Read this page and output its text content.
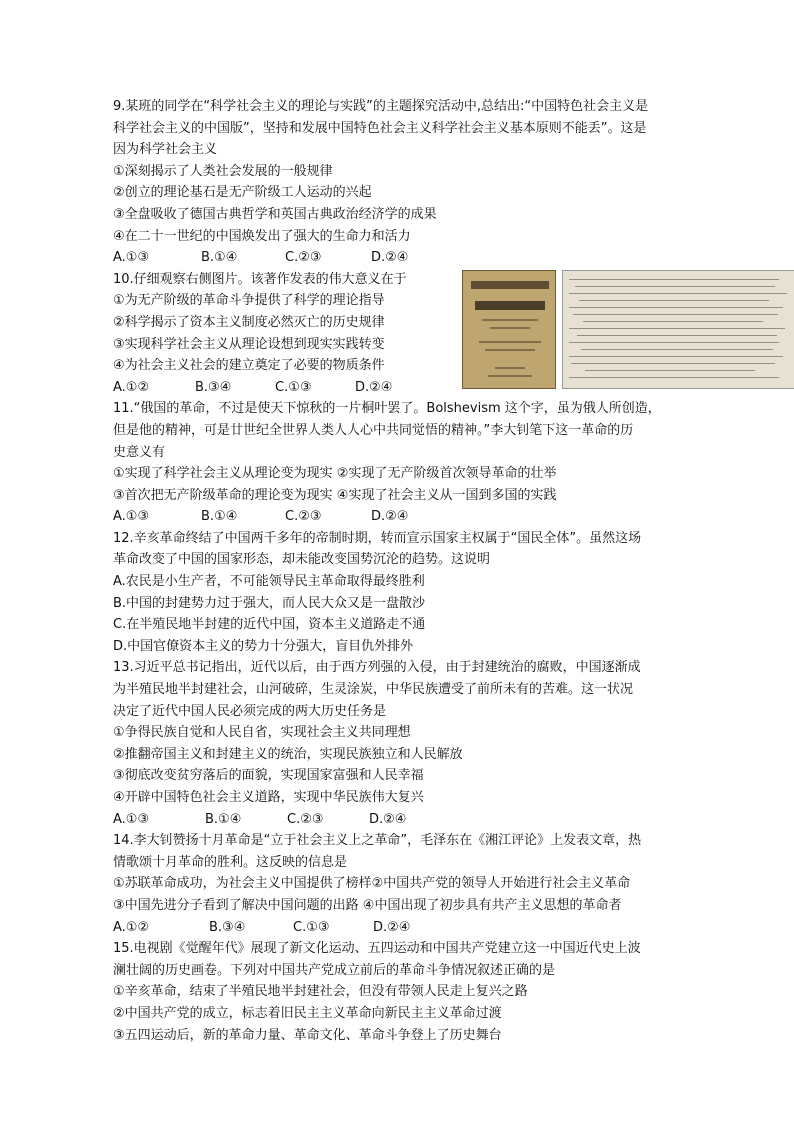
9.某班的同学在“科学社会主义的理论与实践”的主题探究活动中,总结出:“中国特色社会主义是
科学社会主义的中国版”，坚持和发展中国特色社会主义科学社会主义基本原则不能丢”。这是
因为科学社会主义
①深刻揭示了人类社会发展的一般规律
②创立的理论基石是无产阶级工人运动的兴起
③全盘吸收了德国古典哲学和英国古典政治经济学的成果
④在二十一世纪的中国焕发出了强大的生命力和活力
A.①③	B.①④	C.②③	D.②④
10.仔细观察右侧图片。该著作发表的伟大意义在于
①为无产阶级的革命斗争提供了科学的理论指导
②科学揭示了资本主义制度必然灭亡的历史规律
③实现科学社会主义从理论设想到现实实践转变
④为社会主义社会的建立奠定了必要的物质条件
A.①②	B.③④	C.①③	D.②④
11.“俄国的革命，不过是使天下惊秋的一片桐叶罢了。Bolshevism 这个字，虽为俄人所创造，
但是他的精神，可是廿世纪全世界人类人人心中共同觉悟的精神。”李大钊笔下这一革命的历
史意义有
①实现了科学社会主义从理论变为现实 ②实现了无产阶级首次领导革命的壮举
③首次把无产阶级革命的理论变为现实 ④实现了社会主义从一国到多国的实践
A.①③	B.①④	C.②③	D.②④
12.辛亥革命终结了中国两千多年的帝制时期，转而宣示国家主权属于“国民全体”。虽然这场
革命改变了中国的国家形态，却未能改变国势沉沦的趋势。这说明
A.农民是小生产者，不可能领导民主革命取得最终胜利
B.中国的封建势力过于强大，而人民大众又是一盘散沙
C.在半殖民地半封建的近代中国，资本主义道路走不通
D.中国官僚资本主义的势力十分强大，盲目仇外排外
13.习近平总书记指出，近代以后，由于西方列强的入侵，由于封建统治的腐败，中国逐渐成
为半殖民地半封建社会，山河破碎，生灵涂炭，中华民族遭受了前所未有的苦难。这一状况
决定了近代中国人民必须完成的两大历史任务是
①争得民族自觉和人民自省，实现社会主义共同理想
②推翻帝国主义和封建主义的统治，实现民族独立和人民解放
③彻底改变贫穷落后的面貌，实现国家富强和人民幸福
④开辟中国特色社会主义道路，实现中华民族伟大复兴
A.①③	B.①④	C.②③	D.②④
14.李大钊赞扬十月革命是“立于社会主义上之革命”，毛泽东在《湘江评论》上发表文章，热
情歌颂十月革命的胜利。这反映的信息是
①苏联革命成功，为社会主义中国提供了榜样②中国共产党的领导人开始进行社会主义革命
③中国先进分子看到了解决中国问题的出路 ④中国出现了初步具有共产主义思想的革命者
A.①②	B.③④	C.①③	D.②④
15.电视剧《觉醒年代》展现了新文化运动、五四运动和中国共产党建立这一中国近代史上波
澜壮阔的历史画卷。下列对中国共产党成立前后的革命斗争情况叙述正确的是
①辛亥革命，结束了半殖民地半封建社会，但没有带领人民走上复兴之路
②中国共产党的成立，标志着旧民主主义革命向新民主主义革命过渡
③五四运动后，新的革命力量、革命文化、革命斗争登上了历史舞台
